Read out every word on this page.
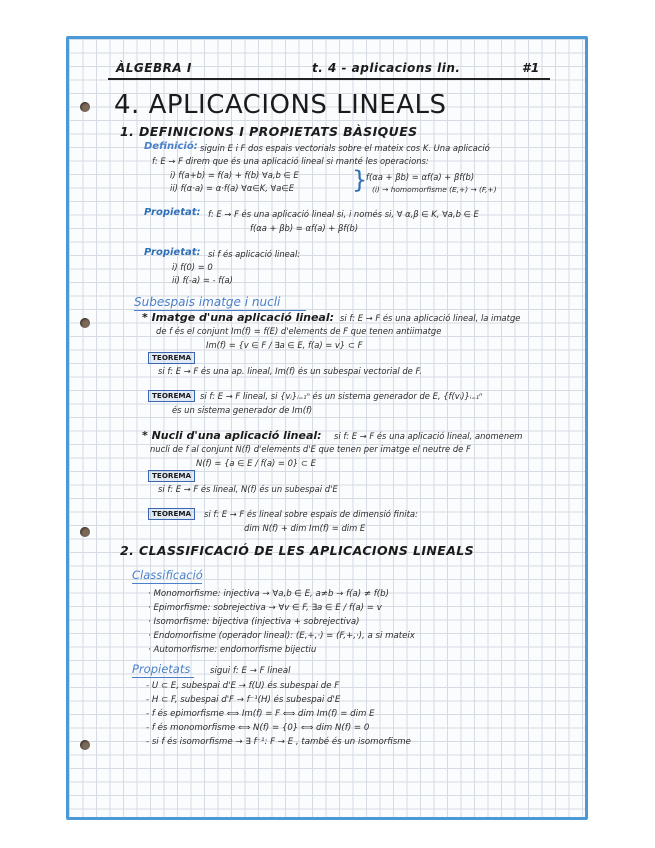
ÀLGEBRA I	t. 4 - aplicacions lin.	#1
4. APLICACIONS LINEALS
1. DEFINICIONS I PROPIETATS BÀSIQUES
Definició: siguin E i F dos espais vectorials sobre el mateix cos K. Una aplicació
f: E → F direm que és una aplicació lineal si manté les operacions:
i) f(a+b) = f(a) + f(b) ∀a,b ∈ E
ii) f(α·a) = α·f(a) ∀α∈K, ∀a∈E }
f(αa + βb) = αf(a) + βf(b)
(i) → homomorfisme (E,+) → (F,+)
Propietat: f: E → F és una aplicació lineal si, i només si, ∀ α,β ∈ K, ∀a,b ∈ E
f(αa + βb) = αf(a) + βf(b)
Propietat: si f és aplicació lineal:
i) f(0) = 0
ii) f(-a) = - f(a)
Subespais imatge i nucli
* Imatge d'una aplicació lineal: si f: E → F és una aplicació lineal, la imatge
de f és el conjunt Im(f) = f(E) d'elements de F que tenen antiimatge
Im(f) = {v ∈ F / ∃a ∈ E, f(a) = v} ⊂ F
TEOREMA
si f: E → F és una ap. lineal, Im(f) és un subespai vectorial de F.
TEOREMA	si f: E → F lineal, si {vᵢ}ᵢ₌₁ⁿ és un sistema generador de E, {f(vᵢ)}ᵢ₌₁ⁿ
és un sistema generador de Im(f)
* Nucli d'una aplicació lineal: si f: E → F és una aplicació lineal, anomenem
nucli de f al conjunt N(f) d'elements d'E que tenen per imatge el neutre de F
N(f) = {a ∈ E / f(a) = 0} ⊂ E
TEOREMA
si f: E → F és lineal, N(f) és un subespai d'E
TEOREMA	si f: E → F és lineal sobre espais de dimensió finita:
dim N(f) + dim Im(f) = dim E
2. CLASSIFICACIÓ DE LES APLICACIONS LINEALS
Classificació
· Monomorfisme: injectiva → ∀a,b ∈ E, a≠b → f(a) ≠ f(b)
· Epimorfisme: sobrejectiva → ∀v ∈ F, ∃a ∈ E / f(a) = v
· Isomorfisme: bijectiva (injectiva + sobrejectiva)
· Endomorfisme (operador lineal): (E,+,·) = (F,+,·), a si mateix
· Automorfisme: endomorfisme bijectiu
Propietats sigui f: E → F lineal
- U ⊂ E, subespai d'E → f(U) és subespai de F
- H ⊂ F, subespai d'F → f⁻¹(H) és subespai d'E
- f és epimorfisme ⟺ Im(f) = F ⟺ dim Im(f) = dim E
- f és monomorfisme ⟺ N(f) = {0} ⟺ dim N(f) = 0
- si f és isomorfisme → ∃ f⁻¹: F → E , també és un isomorfisme
